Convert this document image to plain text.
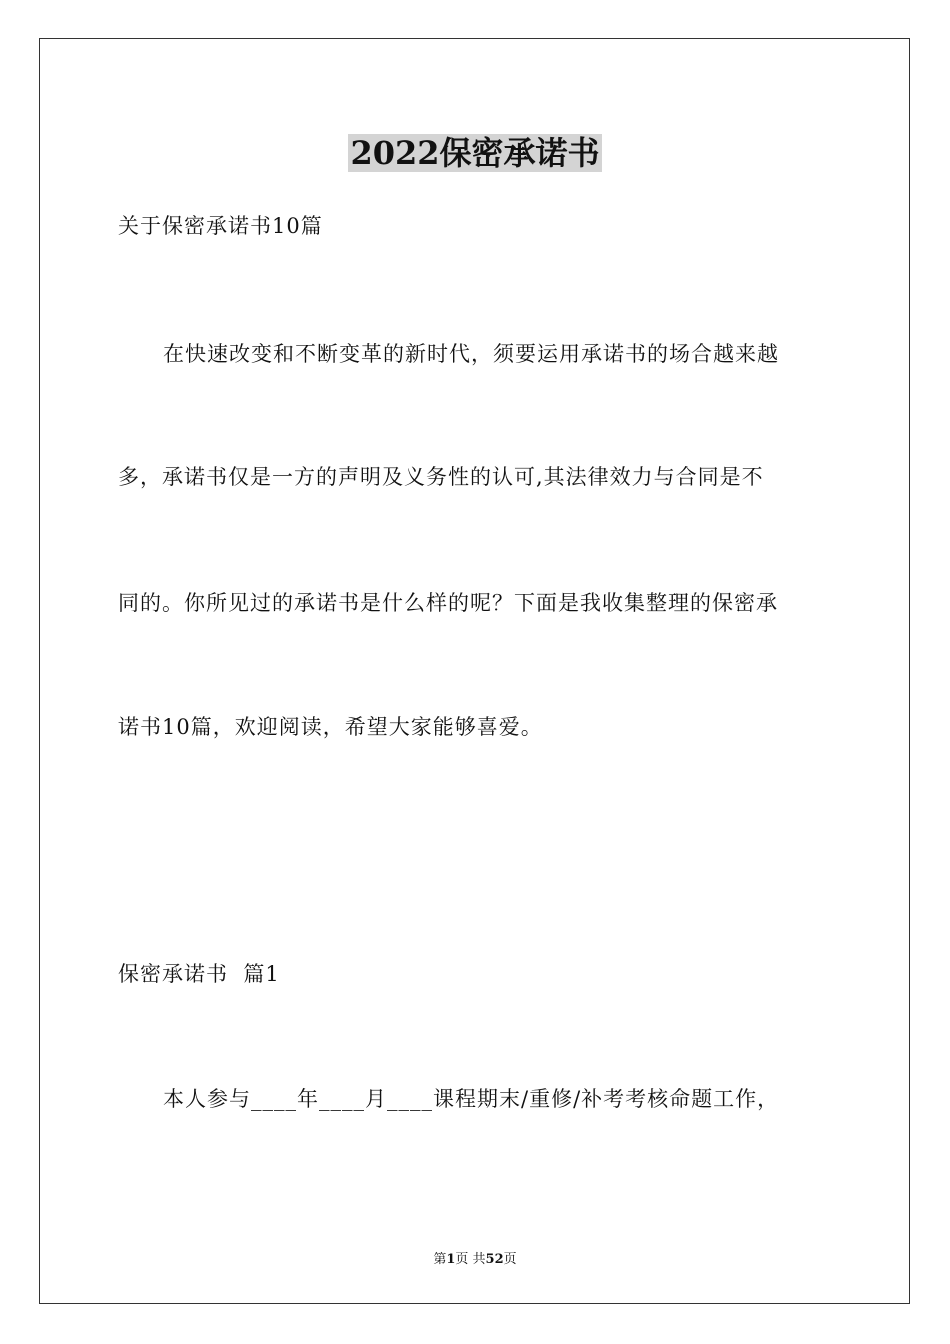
2022保密承诺书
关于保密承诺书10篇
在快速改变和不断变革的新时代，须要运用承诺书的场合越来越
多，承诺书仅是一方的声明及义务性的认可,其法律效力与合同是不
同的。你所见过的承诺书是什么样的呢？下面是我收集整理的保密承
诺书10篇，欢迎阅读，希望大家能够喜爱。
保密承诺书  篇1
本人参与____年____月____课程期末/重修/补考考核命题工作，
第1页 共52页
